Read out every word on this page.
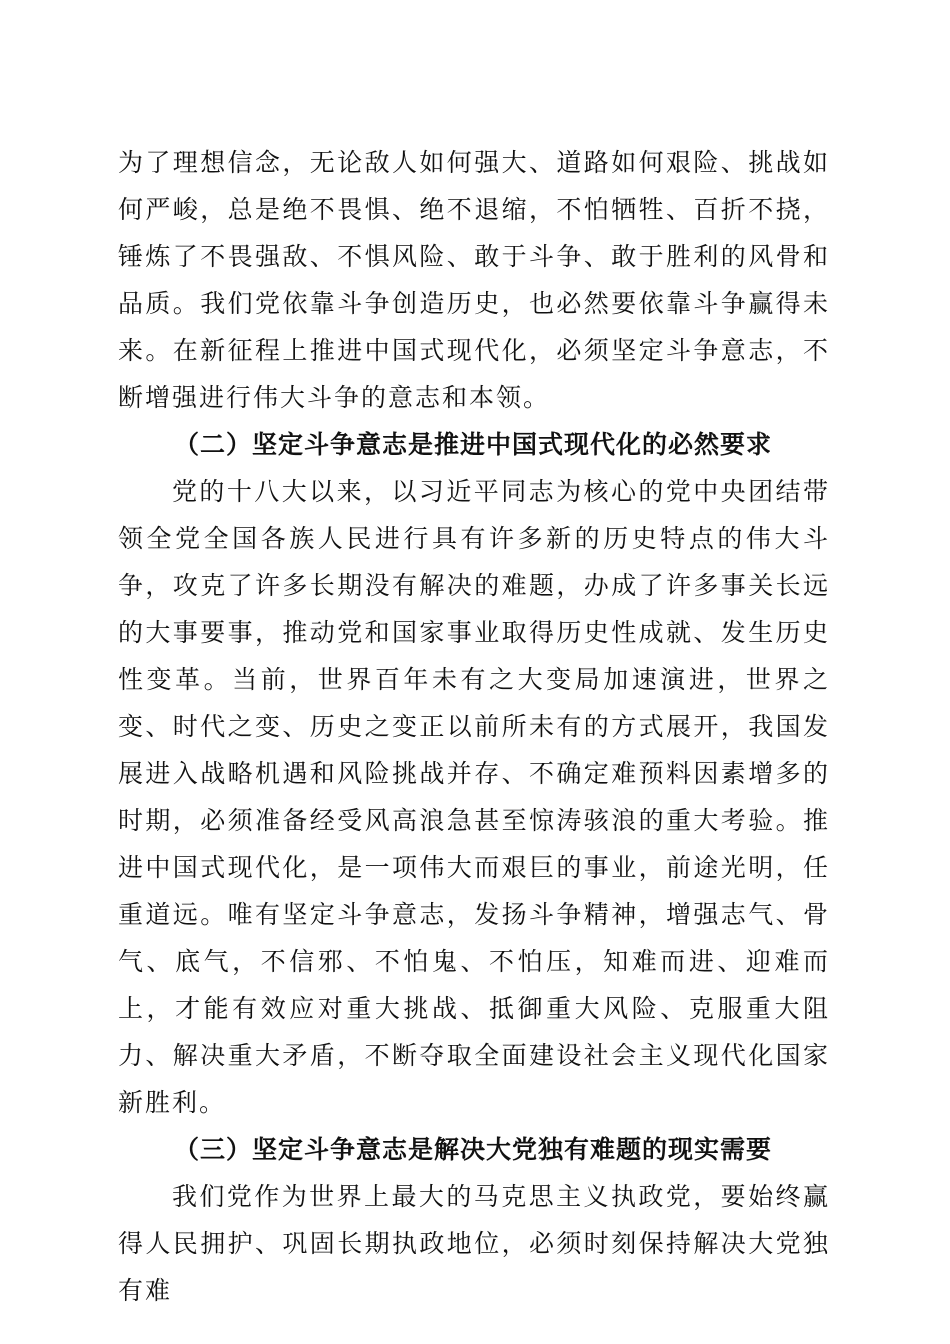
为了理想信念，无论敌人如何强大、道路如何艰险、挑战如何严峻，总是绝不畏惧、绝不退缩，不怕牺牲、百折不挠，锤炼了不畏强敌、不惧风险、敢于斗争、敢于胜利的风骨和品质。我们党依靠斗争创造历史，也必然要依靠斗争赢得未来。在新征程上推进中国式现代化，必须坚定斗争意志，不断增强进行伟大斗争的意志和本领。

（二）坚定斗争意志是推进中国式现代化的必然要求

党的十八大以来，以习近平同志为核心的党中央团结带领全党全国各族人民进行具有许多新的历史特点的伟大斗争，攻克了许多长期没有解决的难题，办成了许多事关长远的大事要事，推动党和国家事业取得历史性成就、发生历史性变革。当前，世界百年未有之大变局加速演进，世界之变、时代之变、历史之变正以前所未有的方式展开，我国发展进入战略机遇和风险挑战并存、不确定难预料因素增多的时期，必须准备经受风高浪急甚至惊涛骇浪的重大考验。推进中国式现代化，是一项伟大而艰巨的事业，前途光明，任重道远。唯有坚定斗争意志，发扬斗争精神，增强志气、骨气、底气，不信邪、不怕鬼、不怕压，知难而进、迎难而上，才能有效应对重大挑战、抵御重大风险、克服重大阻力、解决重大矛盾，不断夺取全面建设社会主义现代化国家新胜利。

（三）坚定斗争意志是解决大党独有难题的现实需要

我们党作为世界上最大的马克思主义执政党，要始终赢得人民拥护、巩固长期执政地位，必须时刻保持解决大党独有难
